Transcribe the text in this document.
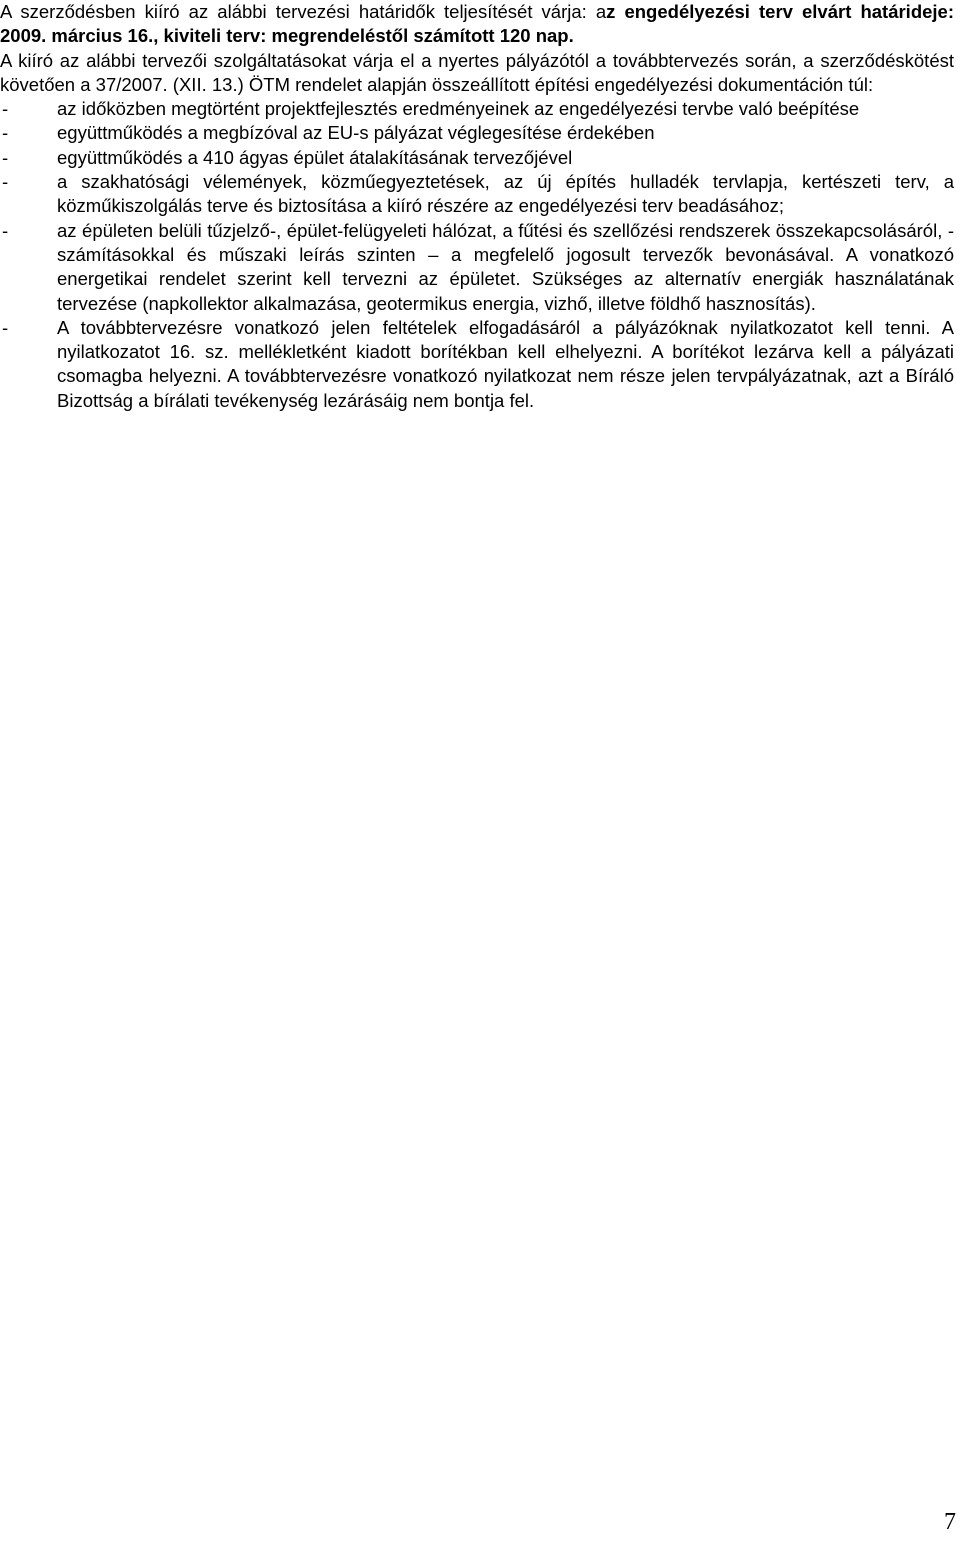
A szerződésben kiíró az alábbi tervezési határidők teljesítését várja: az engedélyezési terv elvárt határideje: 2009. március 16., kiviteli terv: megrendeléstől számított 120 nap.

A kiíró az alábbi tervezői szolgáltatásokat várja el a nyertes pályázótól a továbbtervezés során, a szerződéskötést követően a 37/2007. (XII. 13.) ÖTM rendelet alapján összeállított építési engedélyezési dokumentáción túl:

-	az időközben megtörtént projektfejlesztés eredményeinek az engedélyezési tervbe való beépítése
-	együttműködés a megbízóval az EU-s pályázat véglegesítése érdekében
-	együttműködés a 410 ágyas épület átalakításának tervezőjével
-	a szakhatósági vélemények, közműegyeztetések, az új építés hulladék tervlapja, kertészeti terv, a közműkiszolgálás terve és biztosítása a kiíró részére az engedélyezési terv beadásához;
-	az épületen belüli tűzjelző-, épület-felügyeleti hálózat, a fűtési és szellőzési rendszerek összekapcsolásáról, - számításokkal és műszaki leírás szinten – a megfelelő jogosult tervezők bevonásával. A vonatkozó energetikai rendelet szerint kell tervezni az épületet. Szükséges az alternatív energiák használatának tervezése (napkollektor alkalmazása, geotermikus energia, vizhő, illetve földhő hasznosítás).
-	A továbbtervezésre vonatkozó jelen feltételek elfogadásáról a pályázóknak nyilatkozatot kell tenni. A nyilatkozatot 16. sz. mellékletként kiadott borítékban kell elhelyezni. A borítékot lezárva kell a pályázati csomagba helyezni. A továbbtervezésre vonatkozó nyilatkozat nem része jelen tervpályázatnak, azt a Bíráló Bizottság a bírálati tevékenység lezárásáig nem bontja fel.
7
